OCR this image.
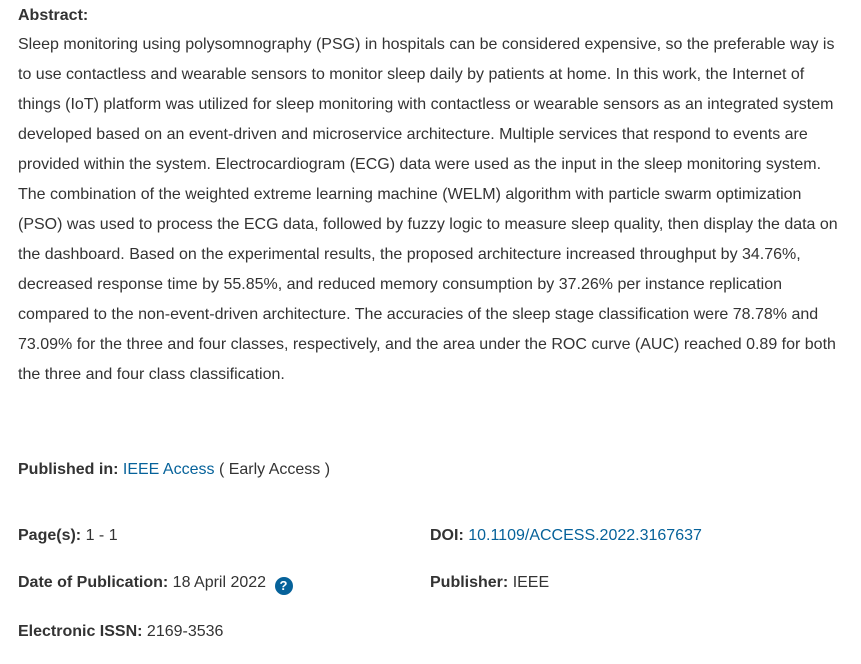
Abstract:

Sleep monitoring using polysomnography (PSG) in hospitals can be considered expensive, so the preferable way is to use contactless and wearable sensors to monitor sleep daily by patients at home. In this work, the Internet of things (IoT) platform was utilized for sleep monitoring with contactless or wearable sensors as an integrated system developed based on an event-driven and microservice architecture. Multiple services that respond to events are provided within the system. Electrocardiogram (ECG) data were used as the input in the sleep monitoring system. The combination of the weighted extreme learning machine (WELM) algorithm with particle swarm optimization (PSO) was used to process the ECG data, followed by fuzzy logic to measure sleep quality, then display the data on the dashboard. Based on the experimental results, the proposed architecture increased throughput by 34.76%, decreased response time by 55.85%, and reduced memory consumption by 37.26% per instance replication compared to the non-event-driven architecture. The accuracies of the sleep stage classification were 78.78% and 73.09% for the three and four classes, respectively, and the area under the ROC curve (AUC) reached 0.89 for both the three and four class classification.

Published in: IEEE Access ( Early Access )
Page(s): 1 - 1	DOI: 10.1109/ACCESS.2022.3167637
Date of Publication: 18 April 2022 ?	Publisher: IEEE
Electronic ISSN: 2169-3536
